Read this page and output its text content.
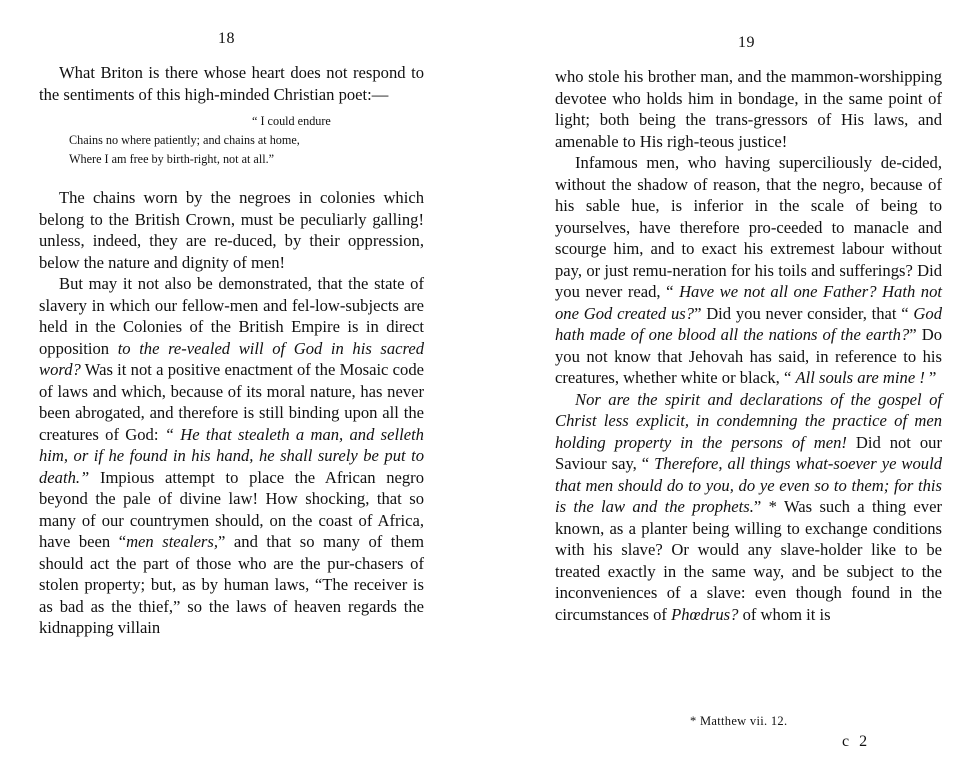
18

What Briton is there whose heart does not respond to the sentiments of this high-minded Christian poet:—

“ I could endure
Chains no where patiently; and chains at home,
Where I am free by birth-right, not at all.”

The chains worn by the negroes in colonies which belong to the British Crown, must be peculiarly galling! unless, indeed, they are re-duced, by their oppression, below the nature and dignity of men!

But may it not also be demonstrated, that the state of slavery in which our fellow-men and fel-low-subjects are held in the Colonies of the British Empire is in direct opposition to the re-vealed will of God in his sacred word? Was it not a positive enactment of the Mosaic code of laws and which, because of its moral nature, has never been abrogated, and therefore is still binding upon all the creatures of God: “ He that stealeth a man, and selleth him, or if he found in his hand, he shall surely be put to death.” Impious attempt to place the African negro beyond the pale of divine law! How shocking, that so many of our countrymen should, on the coast of Africa, have been “men stealers,” and that so many of them should act the part of those who are the pur-chasers of stolen property; but, as by human laws, “The receiver is as bad as the thief,” so the laws of heaven regards the kidnapping villain

19

who stole his brother man, and the mammon-worshipping devotee who holds him in bondage, in the same point of light; both being the trans-gressors of His laws, and amenable to His righ-teous justice!

Infamous men, who having superciliously de-cided, without the shadow of reason, that the negro, because of his sable hue, is inferior in the scale of being to yourselves, have therefore pro-ceeded to manacle and scourge him, and to exact his extremest labour without pay, or just remu-neration for his toils and sufferings? Did you never read, “ Have we not all one Father? Hath not one God created us?” Did you never consider, that “ God hath made of one blood all the nations of the earth?” Do you not know that Jehovah has said, in reference to his creatures, whether white or black, “ All souls are mine ! ”

Nor are the spirit and declarations of the gospel of Christ less explicit, in condemning the practice of men holding property in the persons of men! Did not our Saviour say, “ Therefore, all things what-soever ye would that men should do to you, do ye even so to them; for this is the law and the prophets.” * Was such a thing ever known, as a planter being willing to exchange conditions with his slave? Or would any slave-holder like to be treated exactly in the same way, and be subject to the inconveniences of a slave: even though found in the circumstances of Phœdrus? of whom it is

* Matthew vii. 12.
c 2
